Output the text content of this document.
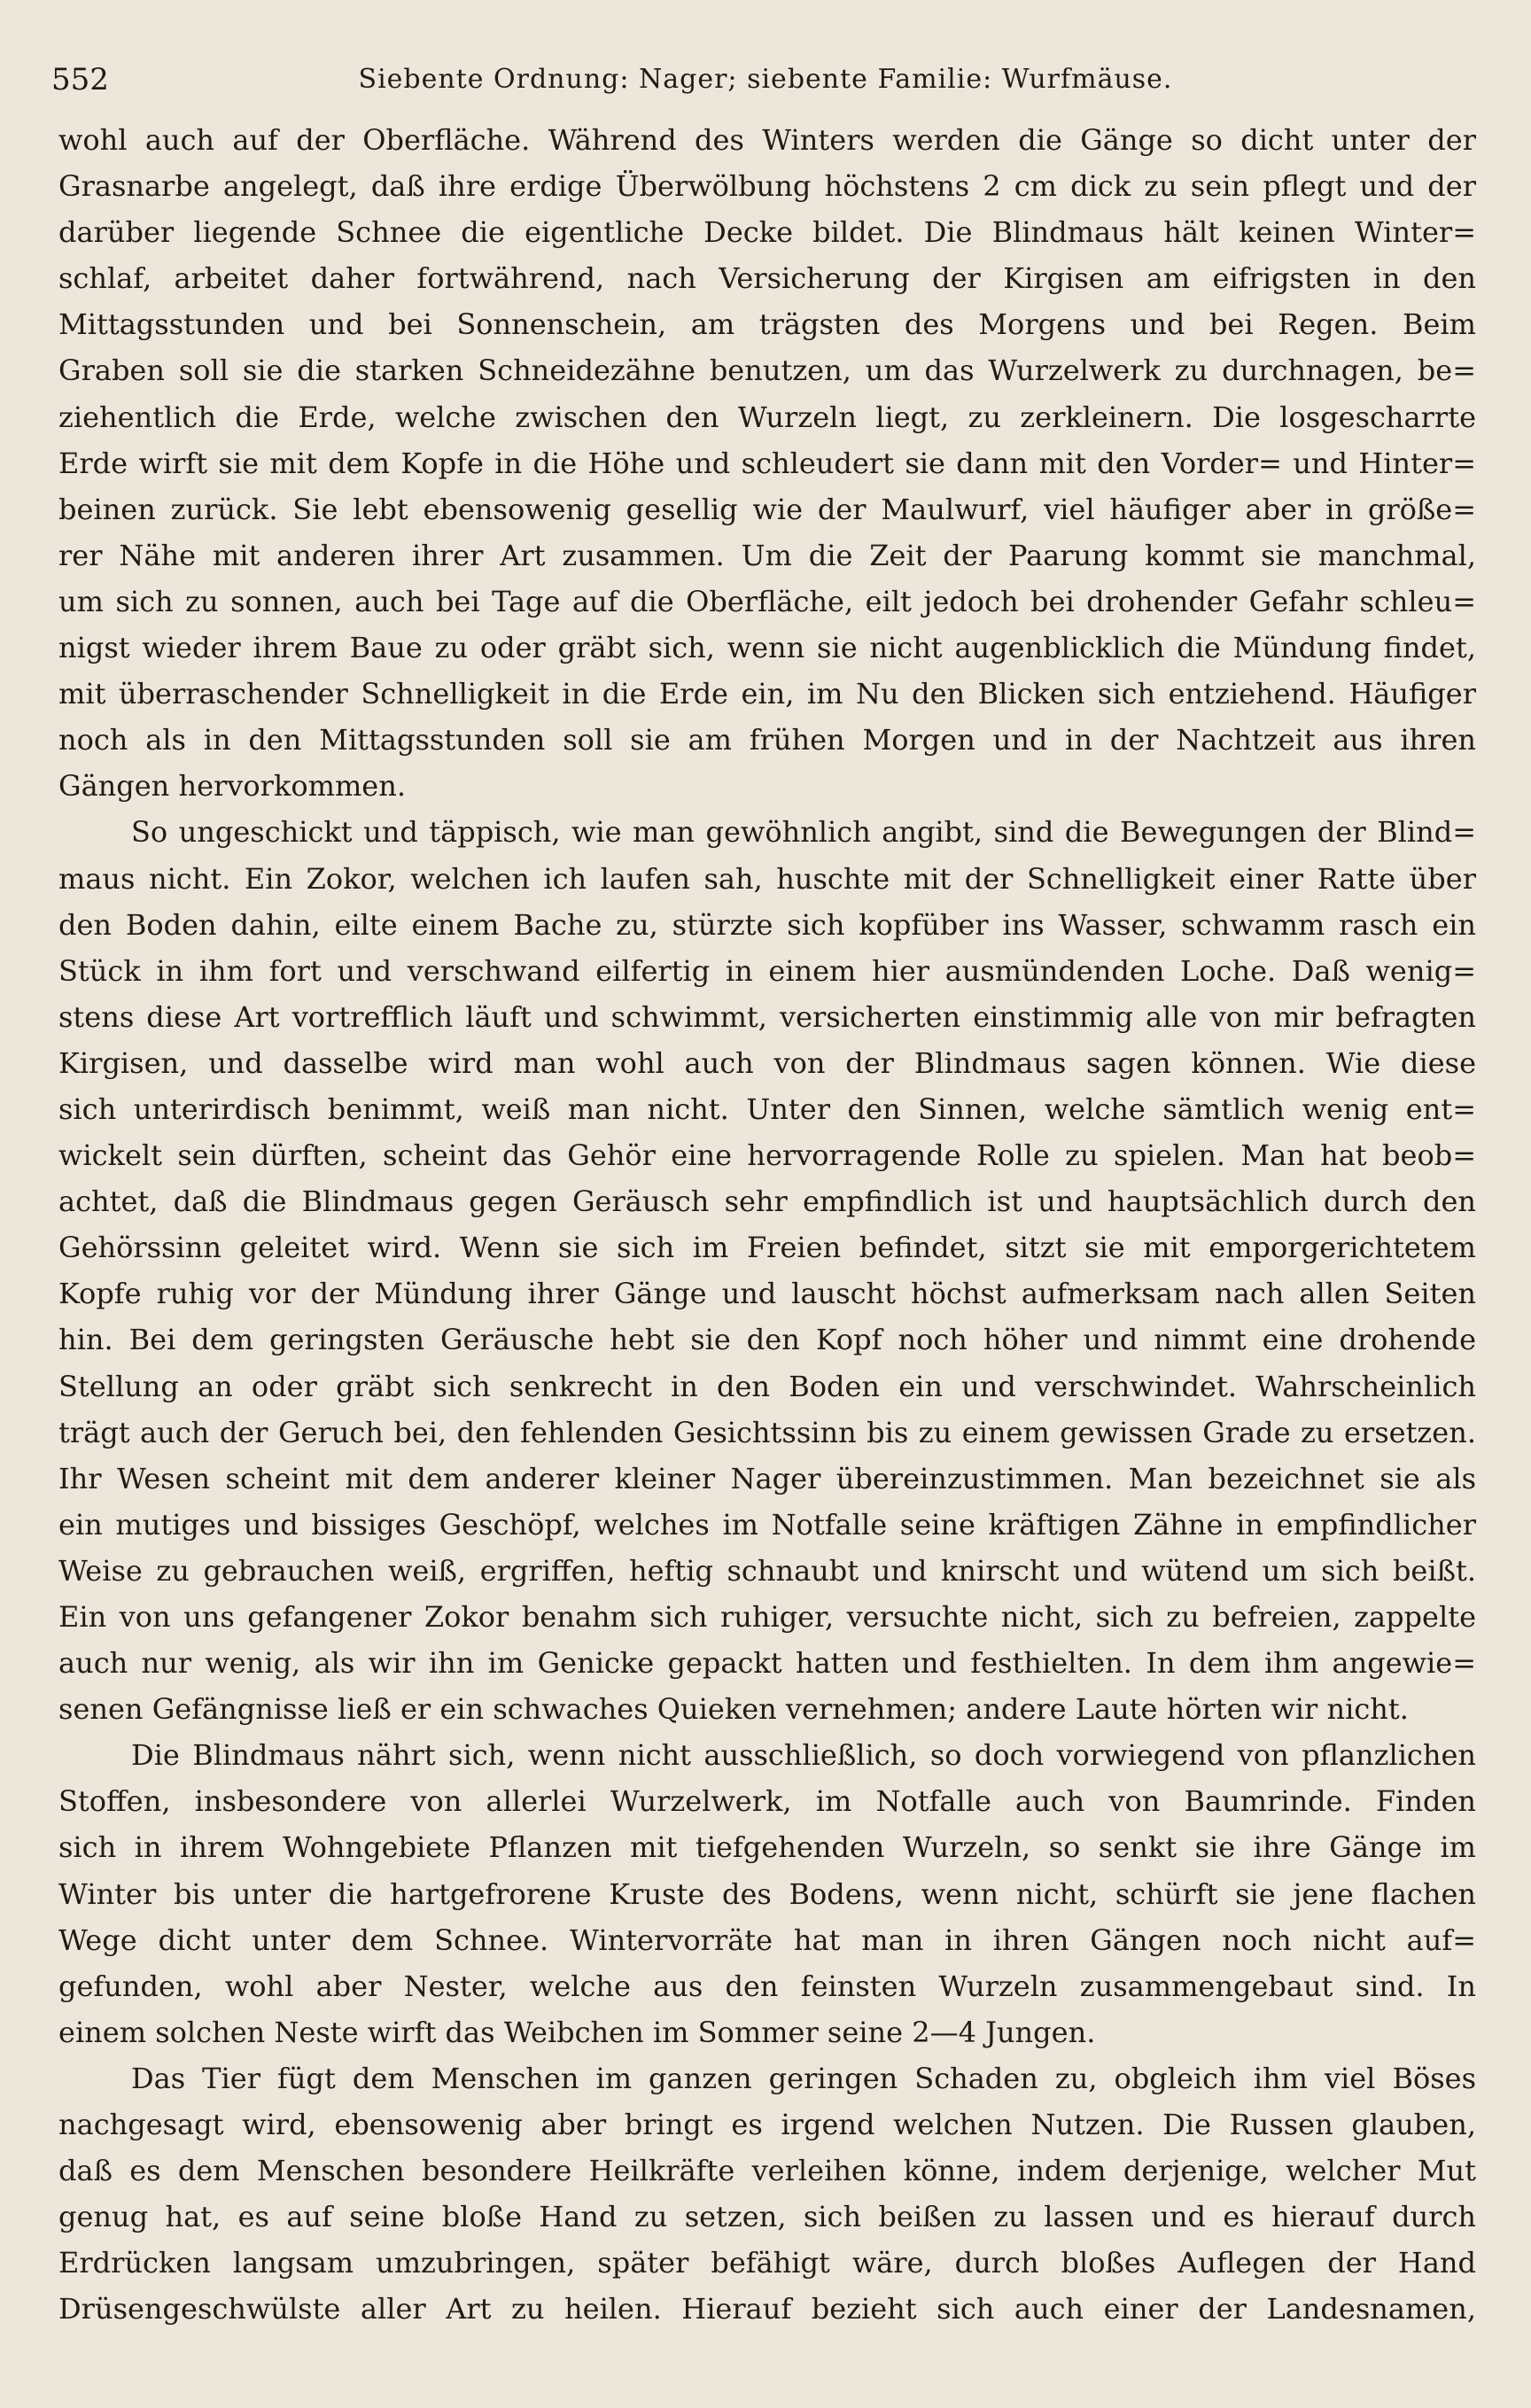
552	Siebente Ordnung: Nager; siebente Familie: Wurfmäuse.
wohl auch auf der Oberfläche. Während des Winters werden die Gänge so dicht unter der
Grasnarbe angelegt, daß ihre erdige Überwölbung höchstens 2 cm dick zu sein pflegt und der
darüber liegende Schnee die eigentliche Decke bildet. Die Blindmaus hält keinen Winter=
schlaf, arbeitet daher fortwährend, nach Versicherung der Kirgisen am eifrigsten in den
Mittagsstunden und bei Sonnenschein, am trägsten des Morgens und bei Regen. Beim
Graben soll sie die starken Schneidezähne benutzen, um das Wurzelwerk zu durchnagen, be=
ziehentlich die Erde, welche zwischen den Wurzeln liegt, zu zerkleinern. Die losgescharrte
Erde wirft sie mit dem Kopfe in die Höhe und schleudert sie dann mit den Vorder= und Hinter=
beinen zurück. Sie lebt ebensowenig gesellig wie der Maulwurf, viel häufiger aber in größe=
rer Nähe mit anderen ihrer Art zusammen. Um die Zeit der Paarung kommt sie manchmal,
um sich zu sonnen, auch bei Tage auf die Oberfläche, eilt jedoch bei drohender Gefahr schleu=
nigst wieder ihrem Baue zu oder gräbt sich, wenn sie nicht augenblicklich die Mündung findet,
mit überraschender Schnelligkeit in die Erde ein, im Nu den Blicken sich entziehend. Häufiger
noch als in den Mittagsstunden soll sie am frühen Morgen und in der Nachtzeit aus ihren
Gängen hervorkommen.
So ungeschickt und täppisch, wie man gewöhnlich angibt, sind die Bewegungen der Blind=
maus nicht. Ein Zokor, welchen ich laufen sah, huschte mit der Schnelligkeit einer Ratte über
den Boden dahin, eilte einem Bache zu, stürzte sich kopfüber ins Wasser, schwamm rasch ein
Stück in ihm fort und verschwand eilfertig in einem hier ausmündenden Loche. Daß wenig=
stens diese Art vortrefflich läuft und schwimmt, versicherten einstimmig alle von mir befragten
Kirgisen, und dasselbe wird man wohl auch von der Blindmaus sagen können. Wie diese
sich unterirdisch benimmt, weiß man nicht. Unter den Sinnen, welche sämtlich wenig ent=
wickelt sein dürften, scheint das Gehör eine hervorragende Rolle zu spielen. Man hat beob=
achtet, daß die Blindmaus gegen Geräusch sehr empfindlich ist und hauptsächlich durch den
Gehörssinn geleitet wird. Wenn sie sich im Freien befindet, sitzt sie mit emporgerichtetem
Kopfe ruhig vor der Mündung ihrer Gänge und lauscht höchst aufmerksam nach allen Seiten
hin. Bei dem geringsten Geräusche hebt sie den Kopf noch höher und nimmt eine drohende
Stellung an oder gräbt sich senkrecht in den Boden ein und verschwindet. Wahrscheinlich
trägt auch der Geruch bei, den fehlenden Gesichtssinn bis zu einem gewissen Grade zu ersetzen.
Ihr Wesen scheint mit dem anderer kleiner Nager übereinzustimmen. Man bezeichnet sie als
ein mutiges und bissiges Geschöpf, welches im Notfalle seine kräftigen Zähne in empfindlicher
Weise zu gebrauchen weiß, ergriffen, heftig schnaubt und knirscht und wütend um sich beißt.
Ein von uns gefangener Zokor benahm sich ruhiger, versuchte nicht, sich zu befreien, zappelte
auch nur wenig, als wir ihn im Genicke gepackt hatten und festhielten. In dem ihm angewie=
senen Gefängnisse ließ er ein schwaches Quieken vernehmen; andere Laute hörten wir nicht.
Die Blindmaus nährt sich, wenn nicht ausschließlich, so doch vorwiegend von pflanzlichen
Stoffen, insbesondere von allerlei Wurzelwerk, im Notfalle auch von Baumrinde. Finden
sich in ihrem Wohngebiete Pflanzen mit tiefgehenden Wurzeln, so senkt sie ihre Gänge im
Winter bis unter die hartgefrorene Kruste des Bodens, wenn nicht, schürft sie jene flachen
Wege dicht unter dem Schnee. Wintervorräte hat man in ihren Gängen noch nicht auf=
gefunden, wohl aber Nester, welche aus den feinsten Wurzeln zusammengebaut sind. In
einem solchen Neste wirft das Weibchen im Sommer seine 2—4 Jungen.
Das Tier fügt dem Menschen im ganzen geringen Schaden zu, obgleich ihm viel Böses
nachgesagt wird, ebensowenig aber bringt es irgend welchen Nutzen. Die Russen glauben,
daß es dem Menschen besondere Heilkräfte verleihen könne, indem derjenige, welcher Mut
genug hat, es auf seine bloße Hand zu setzen, sich beißen zu lassen und es hierauf durch
Erdrücken langsam umzubringen, später befähigt wäre, durch bloßes Auflegen der Hand
Drüsengeschwülste aller Art zu heilen. Hierauf bezieht sich auch einer der Landesnamen,
